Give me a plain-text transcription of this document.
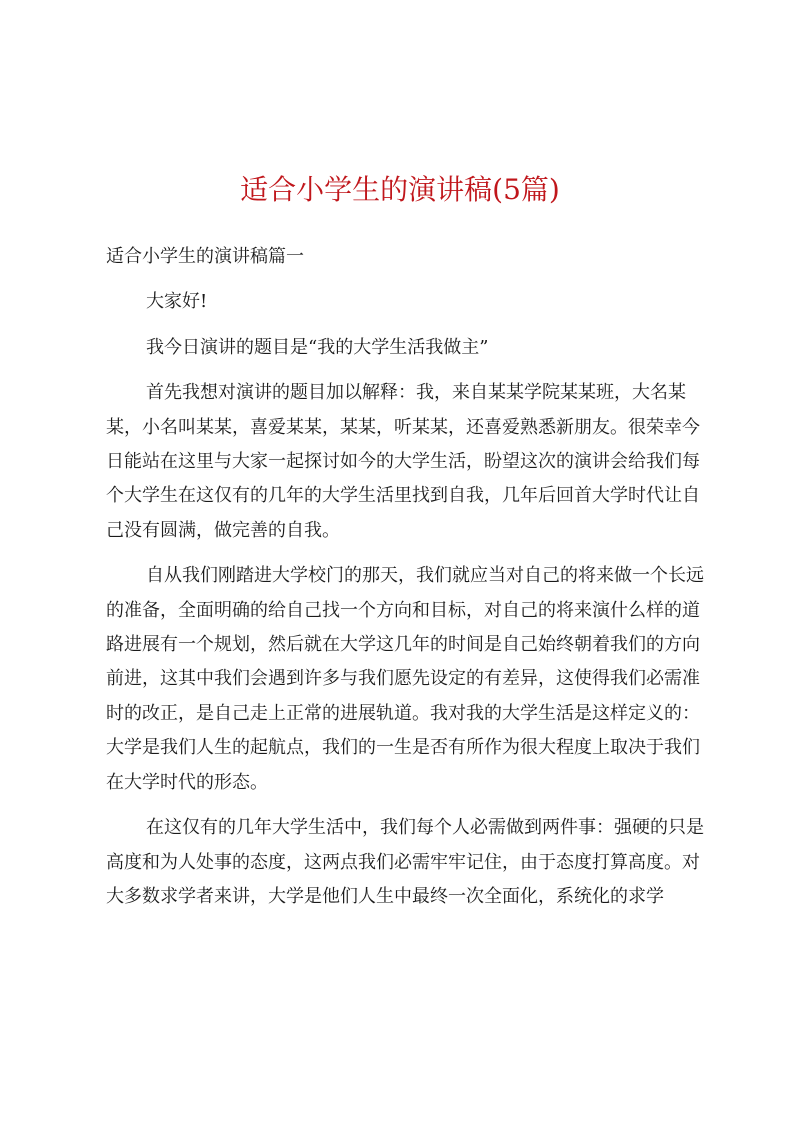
适合小学生的演讲稿(5篇)

适合小学生的演讲稿篇一

大家好!

我今日演讲的题目是“我的大学生活我做主”

首先我想对演讲的题目加以解释：我，来自某某学院某某班，大名某某，小名叫某某，喜爱某某，某某，听某某，还喜爱熟悉新朋友。很荣幸今日能站在这里与大家一起探讨如今的大学生活，盼望这次的演讲会给我们每个大学生在这仅有的几年的大学生活里找到自我，几年后回首大学时代让自己没有圆满，做完善的自我。

自从我们刚踏进大学校门的那天，我们就应当对自己的将来做一个长远的准备，全面明确的给自己找一个方向和目标，对自己的将来演什么样的道路进展有一个规划，然后就在大学这几年的时间是自己始终朝着我们的方向前进，这其中我们会遇到许多与我们愿先设定的有差异，这使得我们必需准时的改正，是自己走上正常的进展轨道。我对我的大学生活是这样定义的：大学是我们人生的起航点，我们的一生是否有所作为很大程度上取决于我们在大学时代的形态。

在这仅有的几年大学生活中，我们每个人必需做到两件事：强硬的只是高度和为人处事的态度，这两点我们必需牢牢记住，由于态度打算高度。对大多数求学者来讲，大学是他们人生中最终一次全面化，系统化的求学
